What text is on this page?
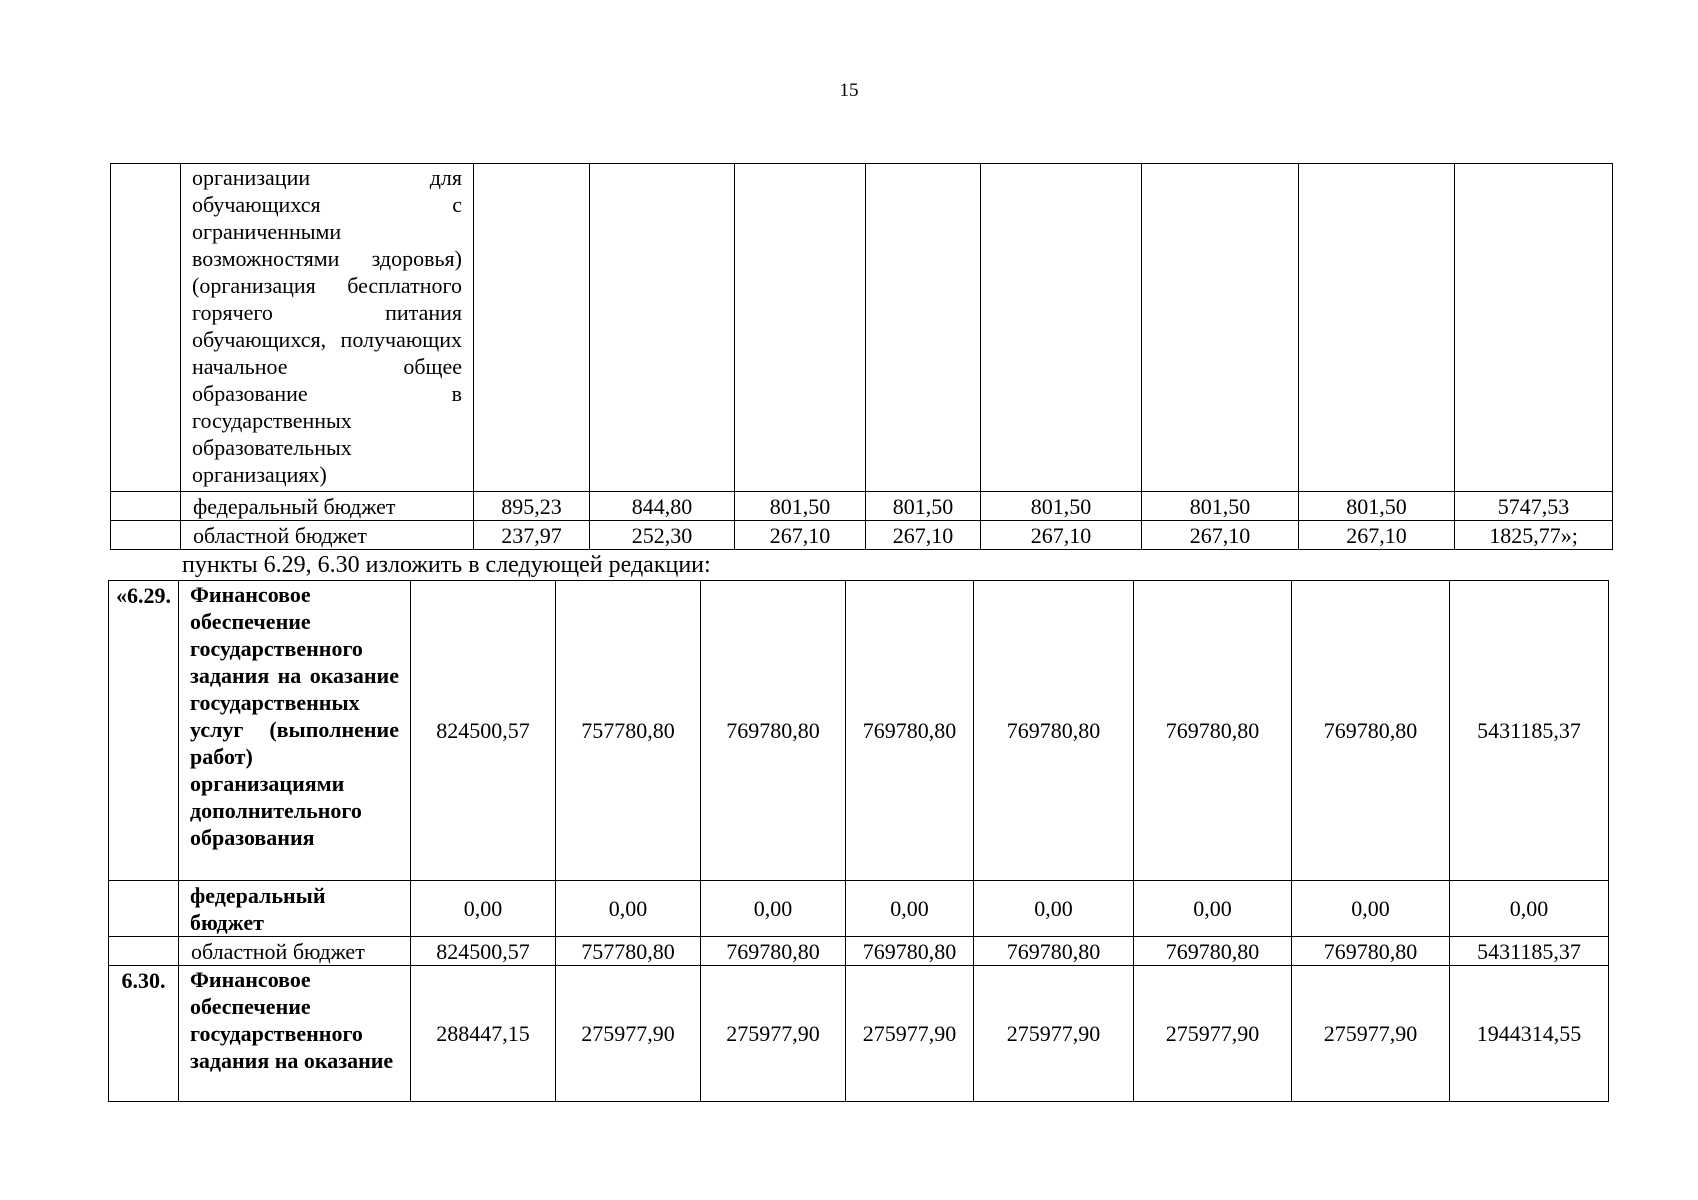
15
	организации для обучающихся с ограниченными возможностями здоровья) (организация бесплатного горячего питания обучающихся, получающих начальное общее образование в государственных образовательных организациях)								
	федеральный бюджет	895,23	844,80	801,50	801,50	801,50	801,50	801,50	5747,53
	областной бюджет	237,97	252,30	267,10	267,10	267,10	267,10	267,10	1825,77»;
пункты 6.29, 6.30 изложить в следующей редакции:
«6.29.	Финансовое обеспечение государственного задания на оказание государственных услуг (выполнение работ) организациями дополнительного образования	824500,57	757780,80	769780,80	769780,80	769780,80	769780,80	769780,80	5431185,37
	федеральный бюджет	0,00	0,00	0,00	0,00	0,00	0,00	0,00	0,00
	областной бюджет	824500,57	757780,80	769780,80	769780,80	769780,80	769780,80	769780,80	5431185,37
6.30.	Финансовое обеспечение государственного задания на оказание	288447,15	275977,90	275977,90	275977,90	275977,90	275977,90	275977,90	1944314,55
